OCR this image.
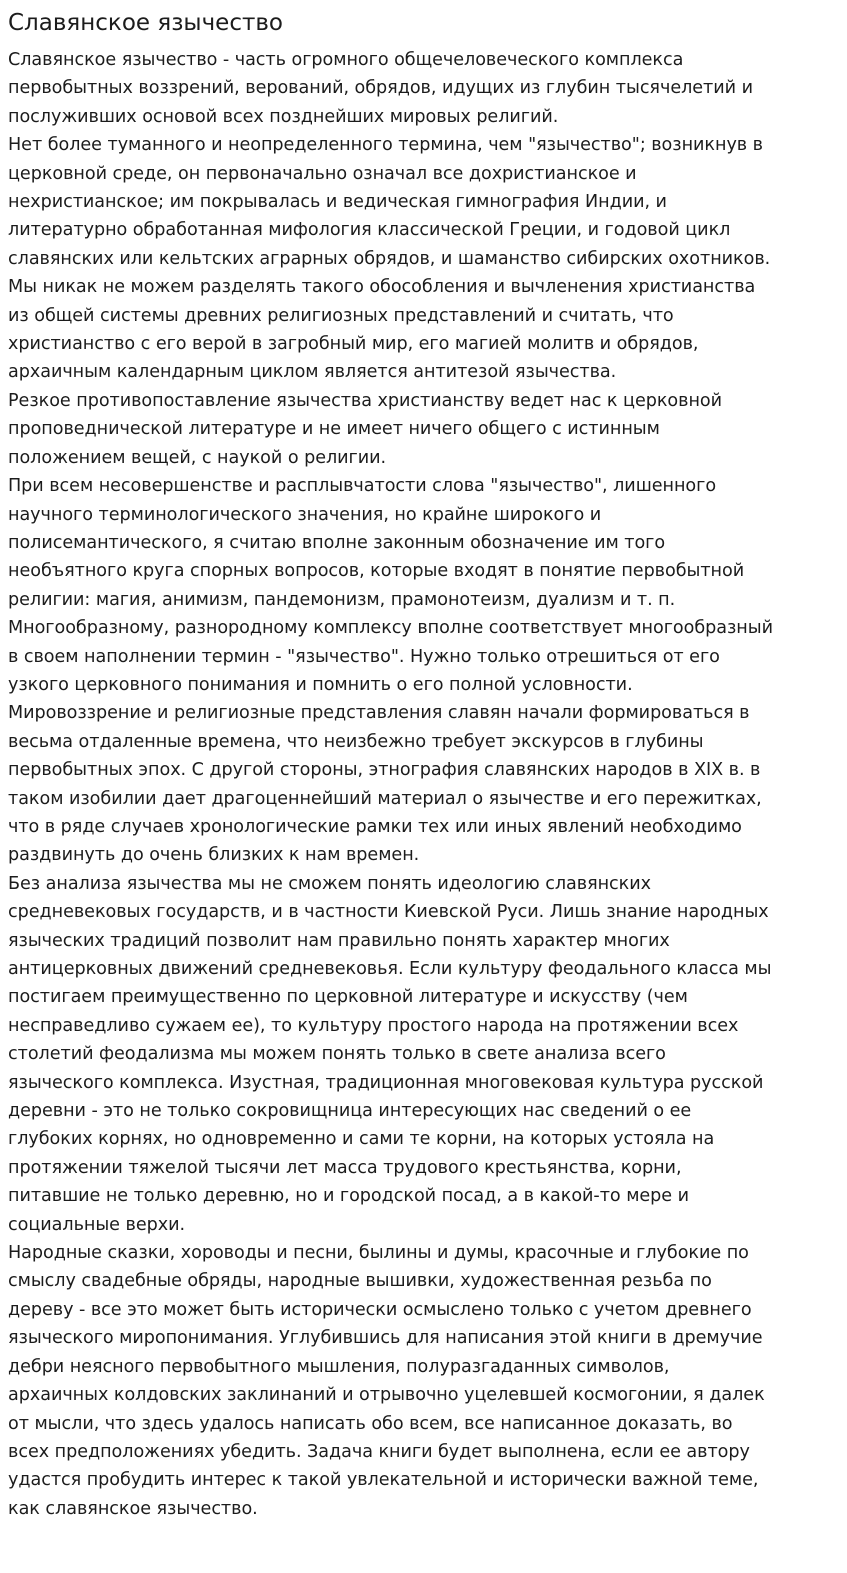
Славянское язычество

Славянское язычество - часть огромного общечеловеческого комплекса
первобытных воззрений, верований, обрядов, идущих из глубин тысячелетий и
послуживших основой всех позднейших мировых религий.

Нет более туманного и неопределенного термина, чем "язычество"; возникнув в
церковной среде, он первоначально означал все дохристианское и
нехристианское; им покрывалась и ведическая гимнография Индии, и
литературно обработанная мифология классической Греции, и годовой цикл
славянских или кельтских аграрных обрядов, и шаманство сибирских охотников.

Мы никак не можем разделять такого обособления и вычленения христианства
из общей системы древних религиозных представлений и считать, что
христианство с его верой в загробный мир, его магией молитв и обрядов,
архаичным календарным циклом является антитезой язычества.

Резкое противопоставление язычества христианству ведет нас к церковной
проповеднической литературе и не имеет ничего общего с истинным
положением вещей, с наукой о религии.

При всем несовершенстве и расплывчатости слова "язычество", лишенного
научного терминологического значения, но крайне широкого и
полисемантического, я считаю вполне законным обозначение им того
необъятного круга спорных вопросов, которые входят в понятие первобытной
религии: магия, анимизм, пандемонизм, прамонотеизм, дуализм и т. п.
Многообразному, разнородному комплексу вполне соответствует многообразный
в своем наполнении термин - "язычество". Нужно только отрешиться от его
узкого церковного понимания и помнить о его полной условности.

Мировоззрение и религиозные представления славян начали формироваться в
весьма отдаленные времена, что неизбежно требует экскурсов в глубины
первобытных эпох. С другой стороны, этнография славянских народов в XIX в. в
таком изобилии дает драгоценнейший материал о язычестве и его пережитках,
что в ряде случаев хронологические рамки тех или иных явлений необходимо
раздвинуть до очень близких к нам времен.

Без анализа язычества мы не сможем понять идеологию славянских
средневековых государств, и в частности Киевской Руси. Лишь знание народных
языческих традиций позволит нам правильно понять характер многих
антицерковных движений средневековья. Если культуру феодального класса мы
постигаем преимущественно по церковной литературе и искусству (чем
несправедливо сужаем ее), то культуру простого народа на протяжении всех
столетий феодализма мы можем понять только в свете анализа всего
языческого комплекса. Изустная, традиционная многовековая культура русской
деревни - это не только сокровищница интересующих нас сведений о ее
глубоких корнях, но одновременно и сами те корни, на которых устояла на
протяжении тяжелой тысячи лет масса трудового крестьянства, корни,
питавшие не только деревню, но и городской посад, а в какой-то мере и
социальные верхи.

Народные сказки, хороводы и песни, былины и думы, красочные и глубокие по
смыслу свадебные обряды, народные вышивки, художественная резьба по
дереву - все это может быть исторически осмыслено только с учетом древнего
языческого миропонимания. Углубившись для написания этой книги в дремучие
дебри неясного первобытного мышления, полуразгаданных символов,
архаичных колдовских заклинаний и отрывочно уцелевшей космогонии, я далек
от мысли, что здесь удалось написать обо всем, все написанное доказать, во
всех предположениях убедить. Задача книги будет выполнена, если ее автору
удастся пробудить интерес к такой увлекательной и исторически важной теме,
как славянское язычество.
